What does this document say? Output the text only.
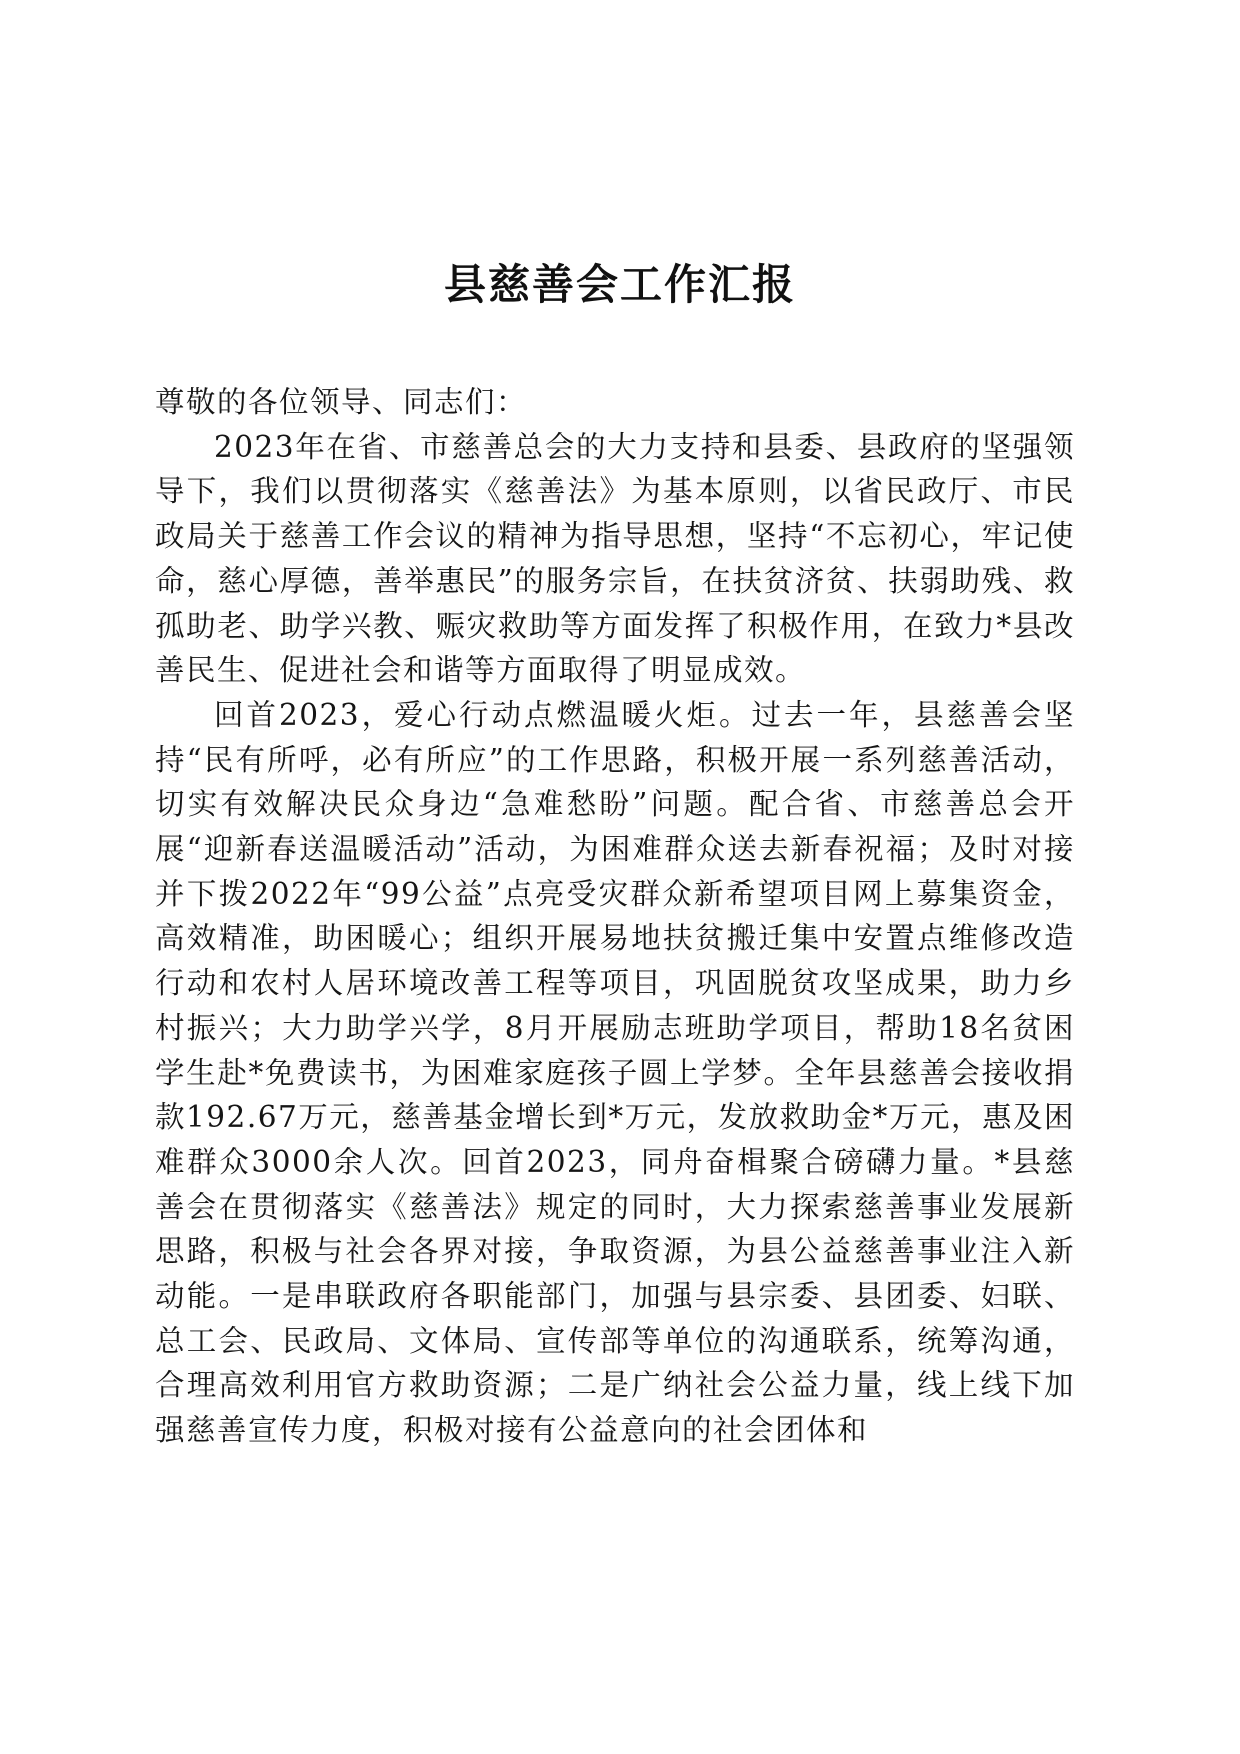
县慈善会工作汇报

尊敬的各位领导、同志们：

2023年在省、市慈善总会的大力支持和县委、县政府的坚强领导下，我们以贯彻落实《慈善法》为基本原则，以省民政厅、市民政局关于慈善工作会议的精神为指导思想，坚持“不忘初心，牢记使命，慈心厚德，善举惠民”的服务宗旨，在扶贫济贫、扶弱助残、救孤助老、助学兴教、赈灾救助等方面发挥了积极作用，在致力*县改善民生、促进社会和谐等方面取得了明显成效。

回首2023，爱心行动点燃温暖火炬。过去一年，县慈善会坚持“民有所呼，必有所应”的工作思路，积极开展一系列慈善活动，切实有效解决民众身边“急难愁盼”问题。配合省、市慈善总会开展“迎新春送温暖活动”活动，为困难群众送去新春祝福；及时对接并下拨2022年“99公益”点亮受灾群众新希望项目网上募集资金，高效精准，助困暖心；组织开展易地扶贫搬迁集中安置点维修改造行动和农村人居环境改善工程等项目，巩固脱贫攻坚成果，助力乡村振兴；大力助学兴学，8月开展励志班助学项目，帮助18名贫困学生赴*免费读书，为困难家庭孩子圆上学梦。全年县慈善会接收捐款192.67万元，慈善基金增长到*万元，发放救助金*万元，惠及困难群众3000余人次。回首2023，同舟奋楫聚合磅礴力量。*县慈善会在贯彻落实《慈善法》规定的同时，大力探索慈善事业发展新思路，积极与社会各界对接，争取资源，为县公益慈善事业注入新动能。一是串联政府各职能部门，加强与县宗委、县团委、妇联、总工会、民政局、文体局、宣传部等单位的沟通联系，统筹沟通，合理高效利用官方救助资源；二是广纳社会公益力量，线上线下加强慈善宣传力度，积极对接有公益意向的社会团体和
